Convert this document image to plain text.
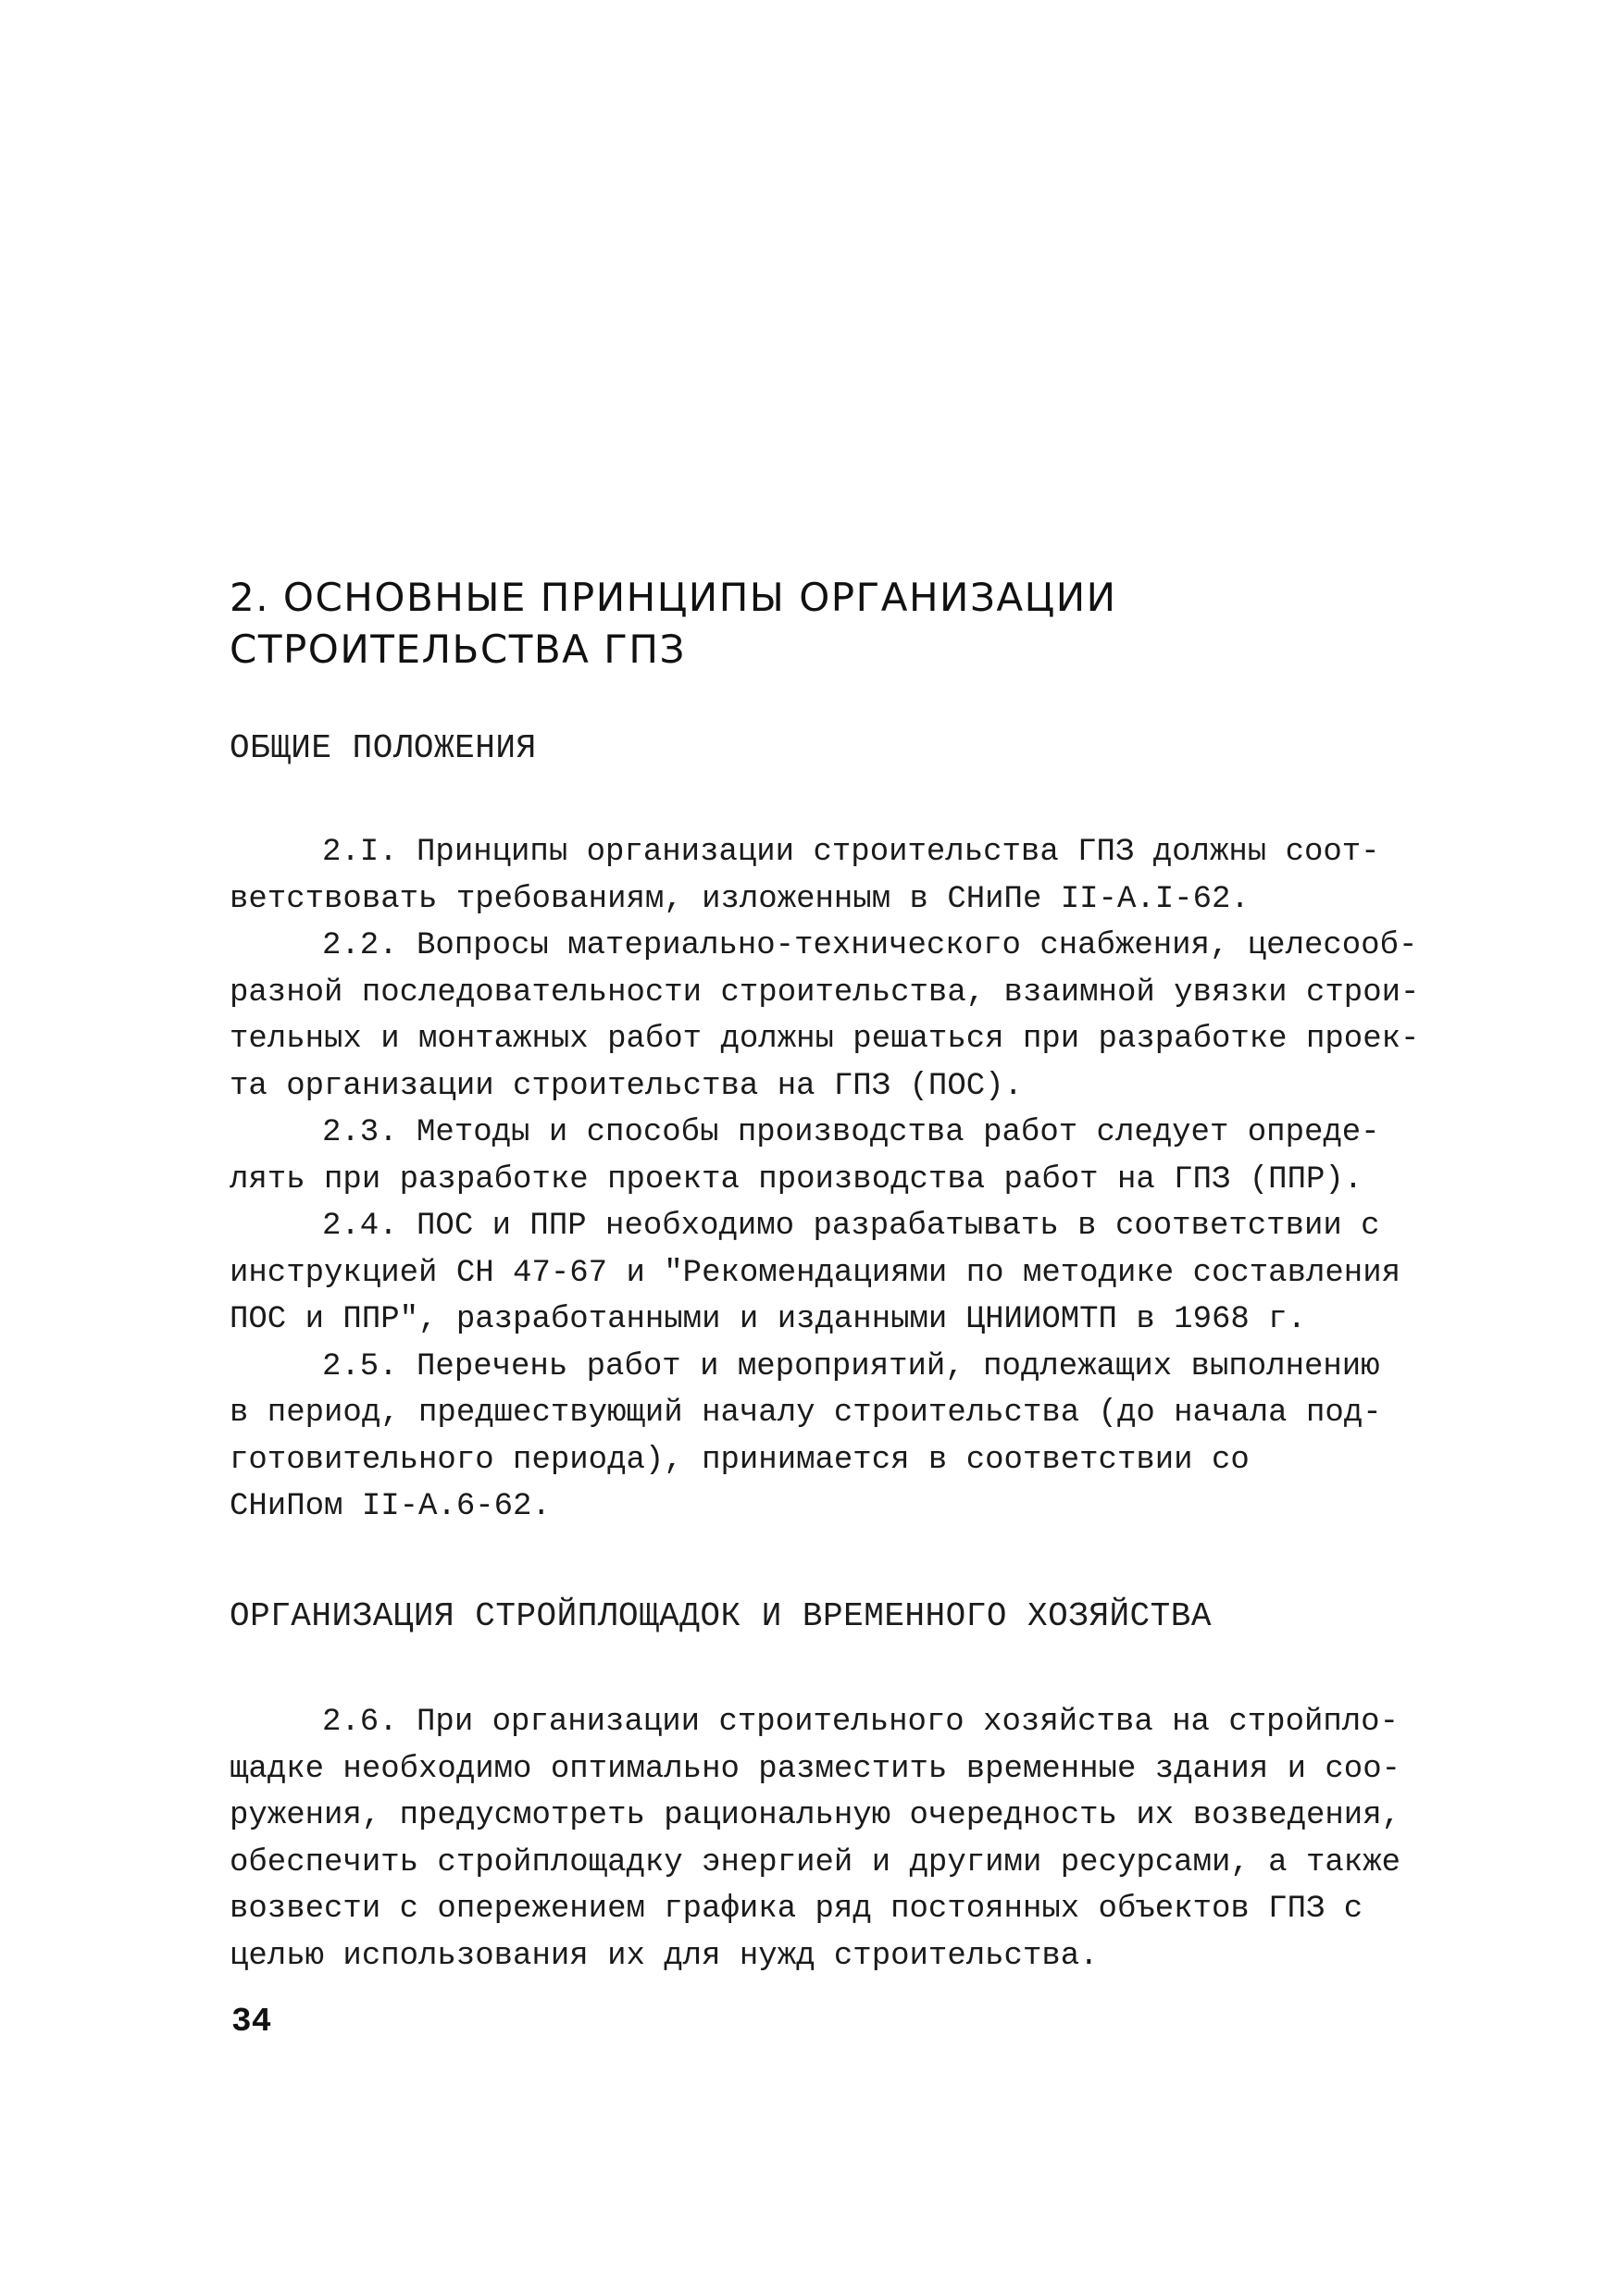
2. ОСНОВНЫЕ ПРИНЦИПЫ ОРГАНИЗАЦИИ
СТРОИТЕЛЬСТВА ГПЗ
ОБЩИЕ ПОЛОЖЕНИЯ
2.I. Принципы организации строительства ГПЗ должны соот-
ветствовать требованиям, изложенным в СНиПе II-А.I-62.
2.2. Вопросы материально-технического снабжения, целесооб-
разной последовательности строительства, взаимной увязки строи-
тельных и монтажных работ должны решаться при разработке проек-
та организации строительства на ГПЗ (ПОС).
2.3. Методы и способы производства работ следует опреде-
лять при разработке проекта производства работ на ГПЗ (ППР).
2.4. ПОС и ППР необходимо разрабатывать в соответствии с
инструкцией СН 47-67 и "Рекомендациями по методике составления
ПОС и ППР", разработанными и изданными ЦНИИОМТП в 1968 г.
2.5. Перечень работ и мероприятий, подлежащих выполнению
в период, предшествующий началу строительства (до начала под-
готовительного периода), принимается в соответствии со
СНиПом II-А.6-62.
ОРГАНИЗАЦИЯ СТРОЙПЛОЩАДОК И ВРЕМЕННОГО ХОЗЯЙСТВА
2.6. При организации строительного хозяйства на стройпло-
щадке необходимо оптимально разместить временные здания и соо-
ружения, предусмотреть рациональную очередность их возведения,
обеспечить стройплощадку энергией и другими ресурсами, а также
возвести с опережением графика ряд постоянных объектов ГПЗ с
целью использования их для нужд строительства.
34
